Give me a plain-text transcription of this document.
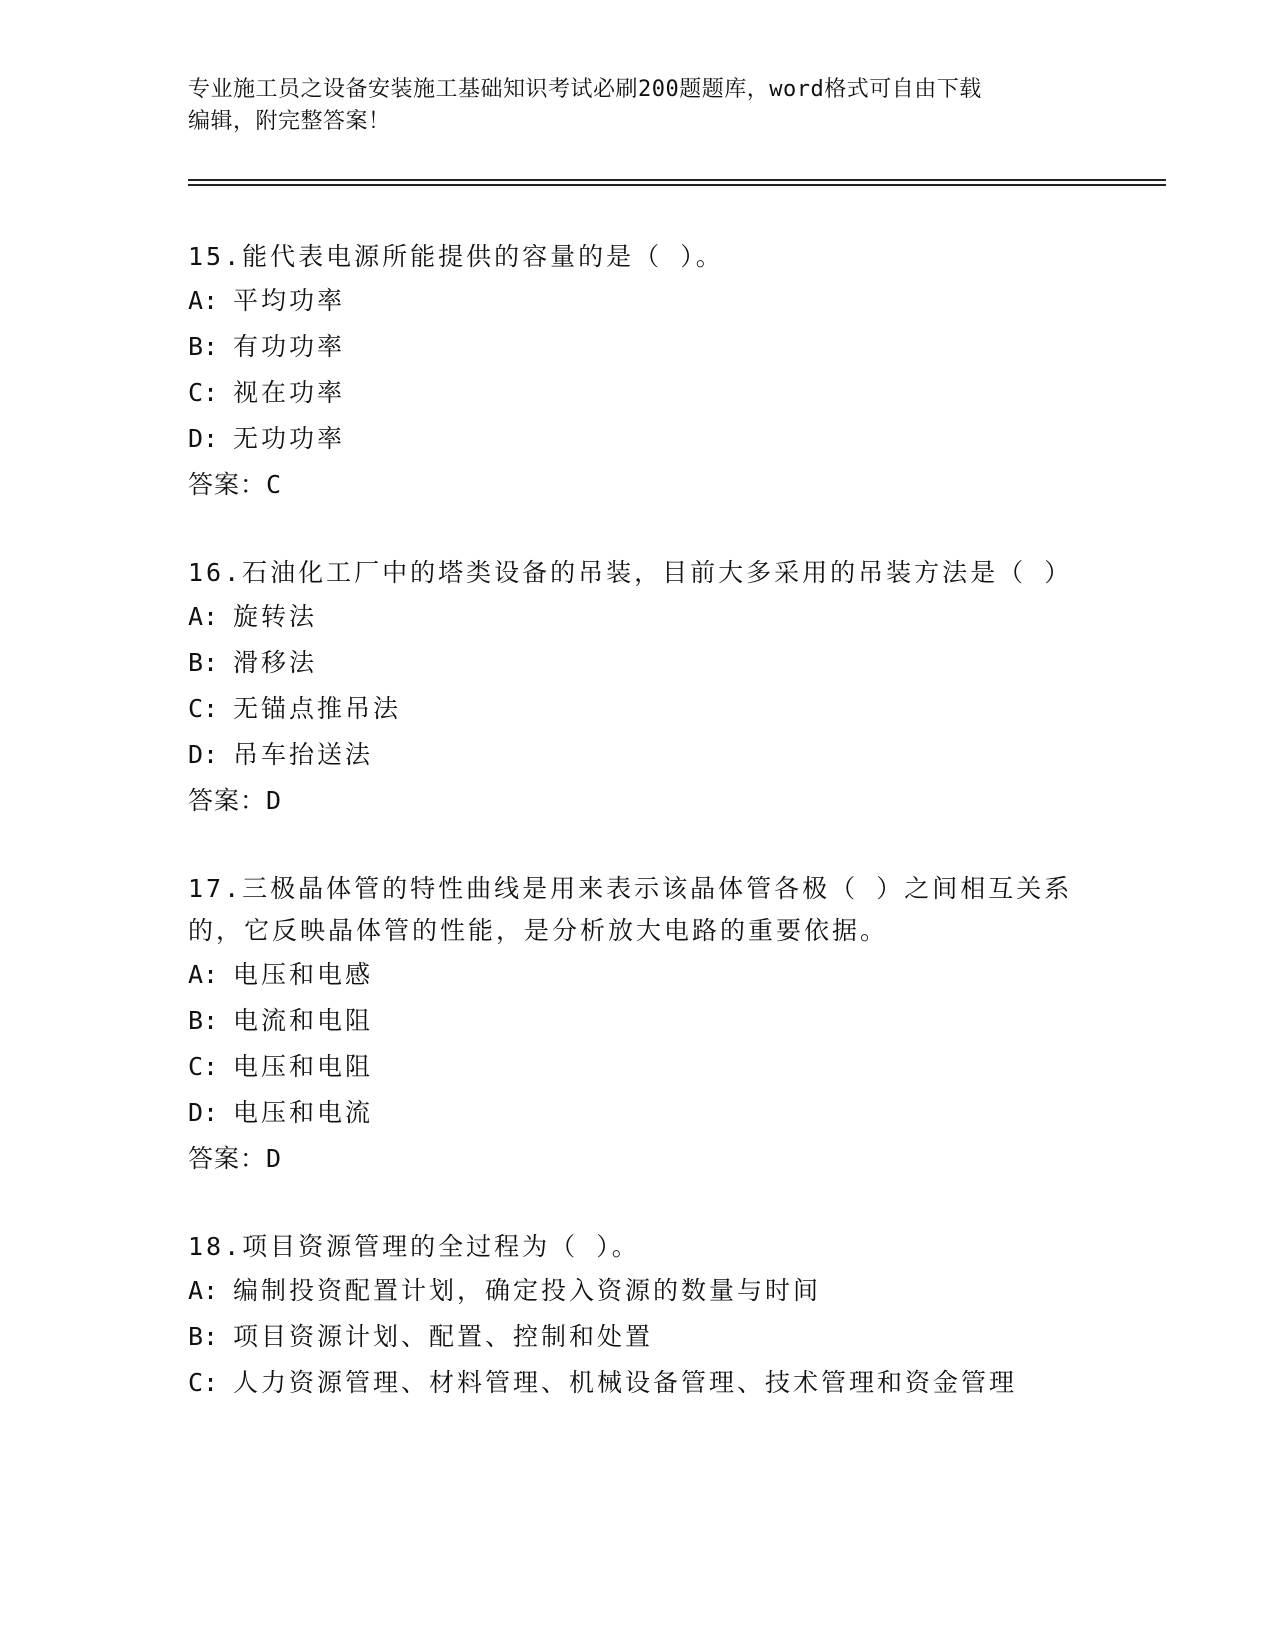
专业施工员之设备安装施工基础知识考试必刷200题题库，word格式可自由下载
编辑，附完整答案！

15.能代表电源所能提供的容量的是（ ）。

A: 平均功率

B: 有功功率

C: 视在功率

D: 无功功率

答案：C

16.石油化工厂中的塔类设备的吊装，目前大多采用的吊装方法是（ ）

A: 旋转法

B: 滑移法

C: 无锚点推吊法

D: 吊车抬送法

答案：D

17.三极晶体管的特性曲线是用来表示该晶体管各极（ ）之间相互关系的，它反映晶体管的性能，是分析放大电路的重要依据。

A: 电压和电感

B: 电流和电阻

C: 电压和电阻

D: 电压和电流

答案：D

18.项目资源管理的全过程为（ ）。

A: 编制投资配置计划，确定投入资源的数量与时间

B: 项目资源计划、配置、控制和处置

C: 人力资源管理、材料管理、机械设备管理、技术管理和资金管理
